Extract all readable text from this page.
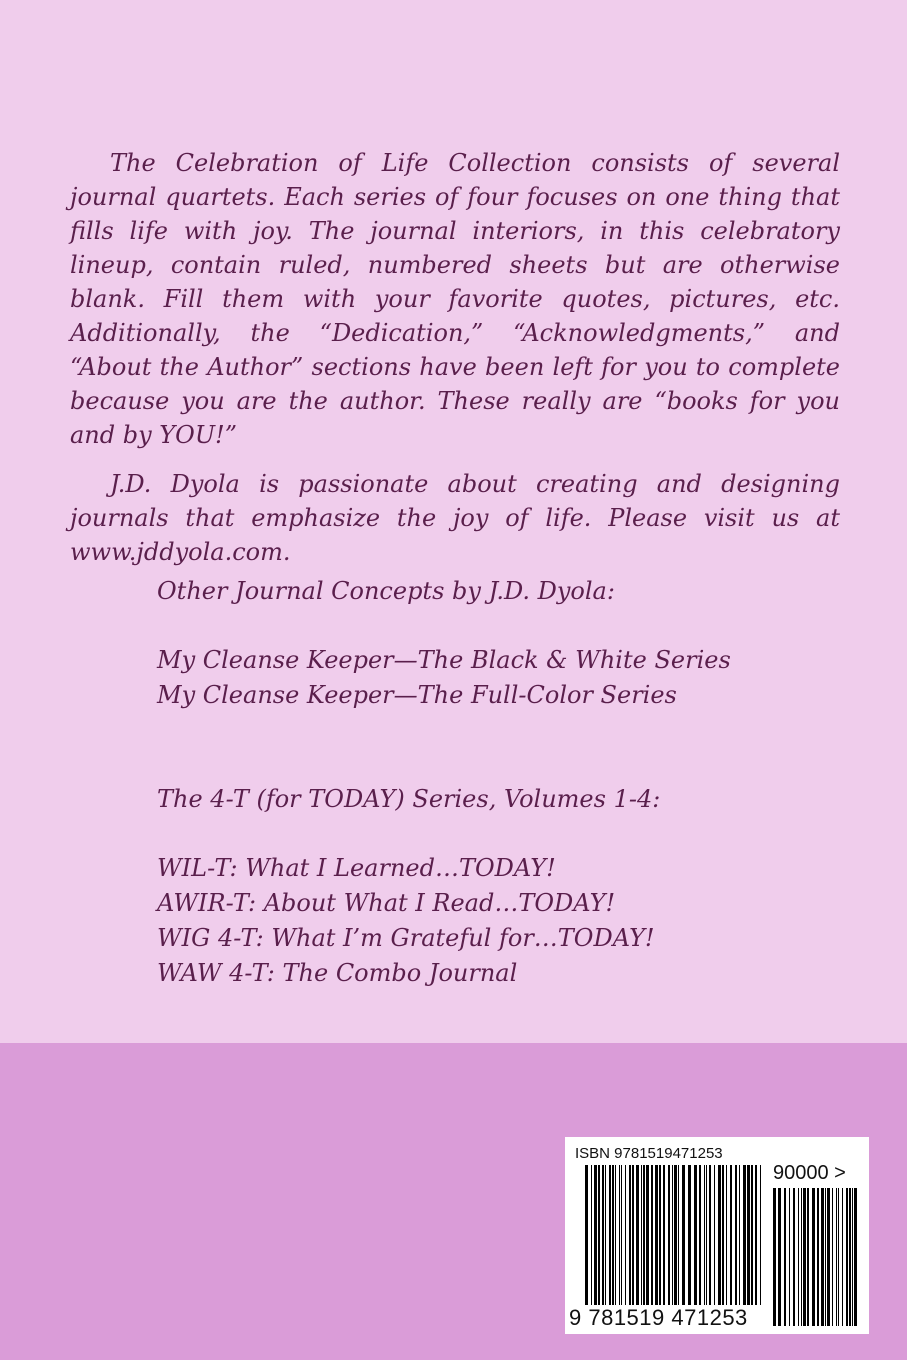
The Celebration of Life Collection consists of several journal quartets. Each series of four focuses on one thing that fills life with joy. The journal interiors, in this celebratory lineup, contain ruled, numbered sheets but are otherwise blank. Fill them with your favorite quotes, pictures, etc. Additionally, the “Dedication,” “Acknowledgments,” and “About the Author” sections have been left for you to complete because you are the author. These really are “books for you and by YOU!”

J.D. Dyola is passionate about creating and designing journals that emphasize the joy of life. Please visit us at www.jddyola.com.

Other Journal Concepts by J.D. Dyola:
My Cleanse Keeper—The Black & White Series
My Cleanse Keeper—The Full-Color Series
The 4-T (for TODAY) Series, Volumes 1-4:
WIL-T: What I Learned…TODAY!
AWIR-T: About What I Read…TODAY!
WIG 4-T: What I’m Grateful for…TODAY!
WAW 4-T: The Combo Journal
ISBN 9781519471253
90000 >
9 781519 471253
